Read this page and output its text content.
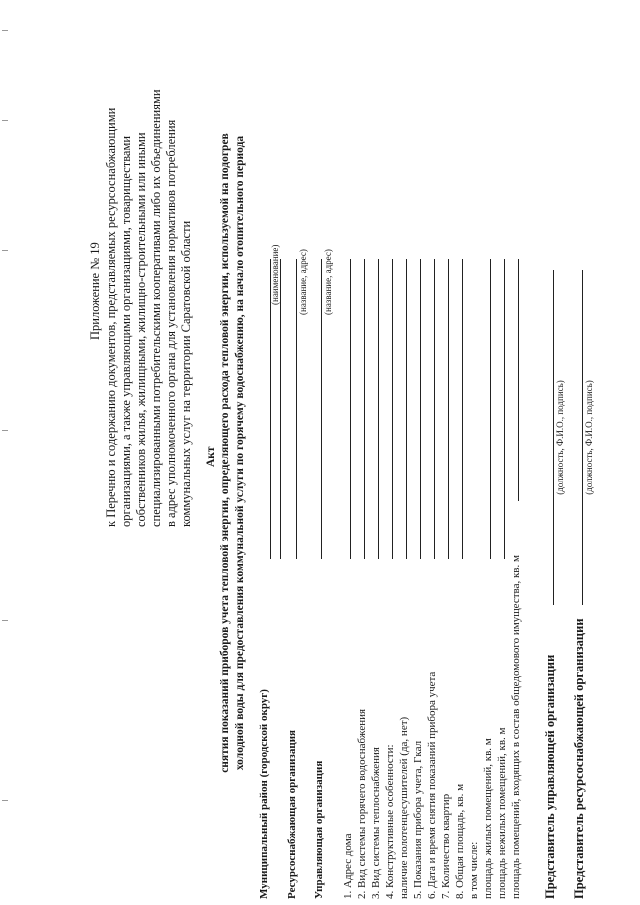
Приложение № 19 к Перечню и содержанию документов, представляемых ресурсоснабжающими организациями, а также управляющими организациями, товариществами собственников жилья, жилищными, жилищно-строительными или иными специализированными потребительскими кооперативами либо их объединениями в адрес уполномоченного органа для установления нормативов потребления коммунальных услуг на территории Саратовской области Акт снятия показаний приборов учета тепловой энергии, определяющего расхода тепловой энергии, используемой на подогрев холодной воды для предоставления коммунальной услуги по горячему водоснабжению, на начало отопительного периода
Муниципальный район (городской округ) Ресурсоснабжающая организация
(наименование) (название, адрес)
Управляющая организация
(название, адрес)
1. Адрес дома 2. Вид системы горячего водоснабжения 3. Вид системы теплоснабжения 4. Конструктивные особенности: наличие полотенцесушителей (да, нет) 5. Показания прибора учета, Гкал 6. Дата и время снятия показаний прибора учета 7. Количество квартир 8. Общая площадь, кв. м в том числе: площадь жилых помещений, кв. м площадь нежилых помещений, кв. м площадь помещений, входящих в состав общедомового имущества, кв. м Представитель управляющей организации
(должность, Ф.И.О., подпись)
Представитель ресурсоснабжающей организации
(должность, Ф.И.О., подпись)
